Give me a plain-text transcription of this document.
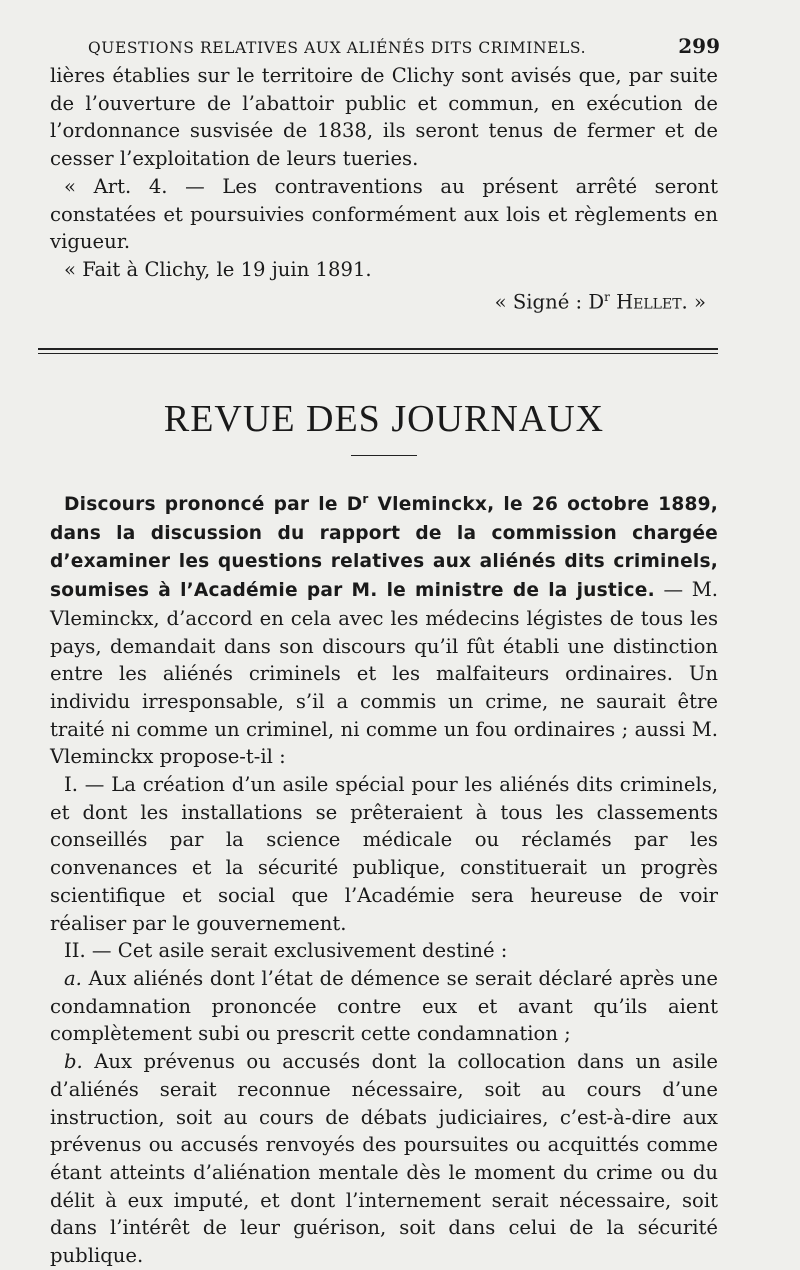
QUESTIONS RELATIVES AUX ALIÉNÉS DITS CRIMINELS.	299

lières établies sur le territoire de Clichy sont avisés que, par suite de l’ouverture de l’abattoir public et commun, en exécution de l’ordonnance susvisée de 1838, ils seront tenus de fermer et de cesser l’exploitation de leurs tueries.

« Art. 4. — Les contraventions au présent arrêté seront constatées et poursuivies conformément aux lois et règlements en vigueur.

« Fait à Clichy, le 19 juin 1891.

« Signé : $D^r$ Hellet. »

REVUE DES JOURNAUX

Discours prononcé par le $D^r$ Vleminckx, le 26 octobre 1889, dans la discussion du rapport de la commission chargée d’examiner les questions relatives aux aliénés dits criminels, soumises à l’Académie par M. le ministre de la justice. — M. Vleminckx, d’accord en cela avec les médecins légistes de tous les pays, demandait dans son discours qu’il fût établi une distinction entre les aliénés criminels et les malfaiteurs ordinaires. Un individu irresponsable, s’il a commis un crime, ne saurait être traité ni comme un criminel, ni comme un fou ordinaires ; aussi M. Vleminckx propose-t-il :

I. — La création d’un asile spécial pour les aliénés dits criminels, et dont les installations se prêteraient à tous les classements conseillés par la science médicale ou réclamés par les convenances et la sécurité publique, constituerait un progrès scientifique et social que l’Académie sera heureuse de voir réaliser par le gouvernement.

II. — Cet asile serait exclusivement destiné :

a. Aux aliénés dont l’état de démence se serait déclaré après une condamnation prononcée contre eux et avant qu’ils aient complètement subi ou prescrit cette condamnation ;

b. Aux prévenus ou accusés dont la collocation dans un asile d’aliénés serait reconnue nécessaire, soit au cours d’une instruction, soit au cours de débats judiciaires, c’est-à-dire aux prévenus ou accusés renvoyés des poursuites ou acquittés comme étant atteints d’aliénation mentale dès le moment du crime ou du délit à eux imputé, et dont l’internement serait nécessaire, soit dans l’intérêt de leur guérison, soit dans celui de la sécurité publique.
